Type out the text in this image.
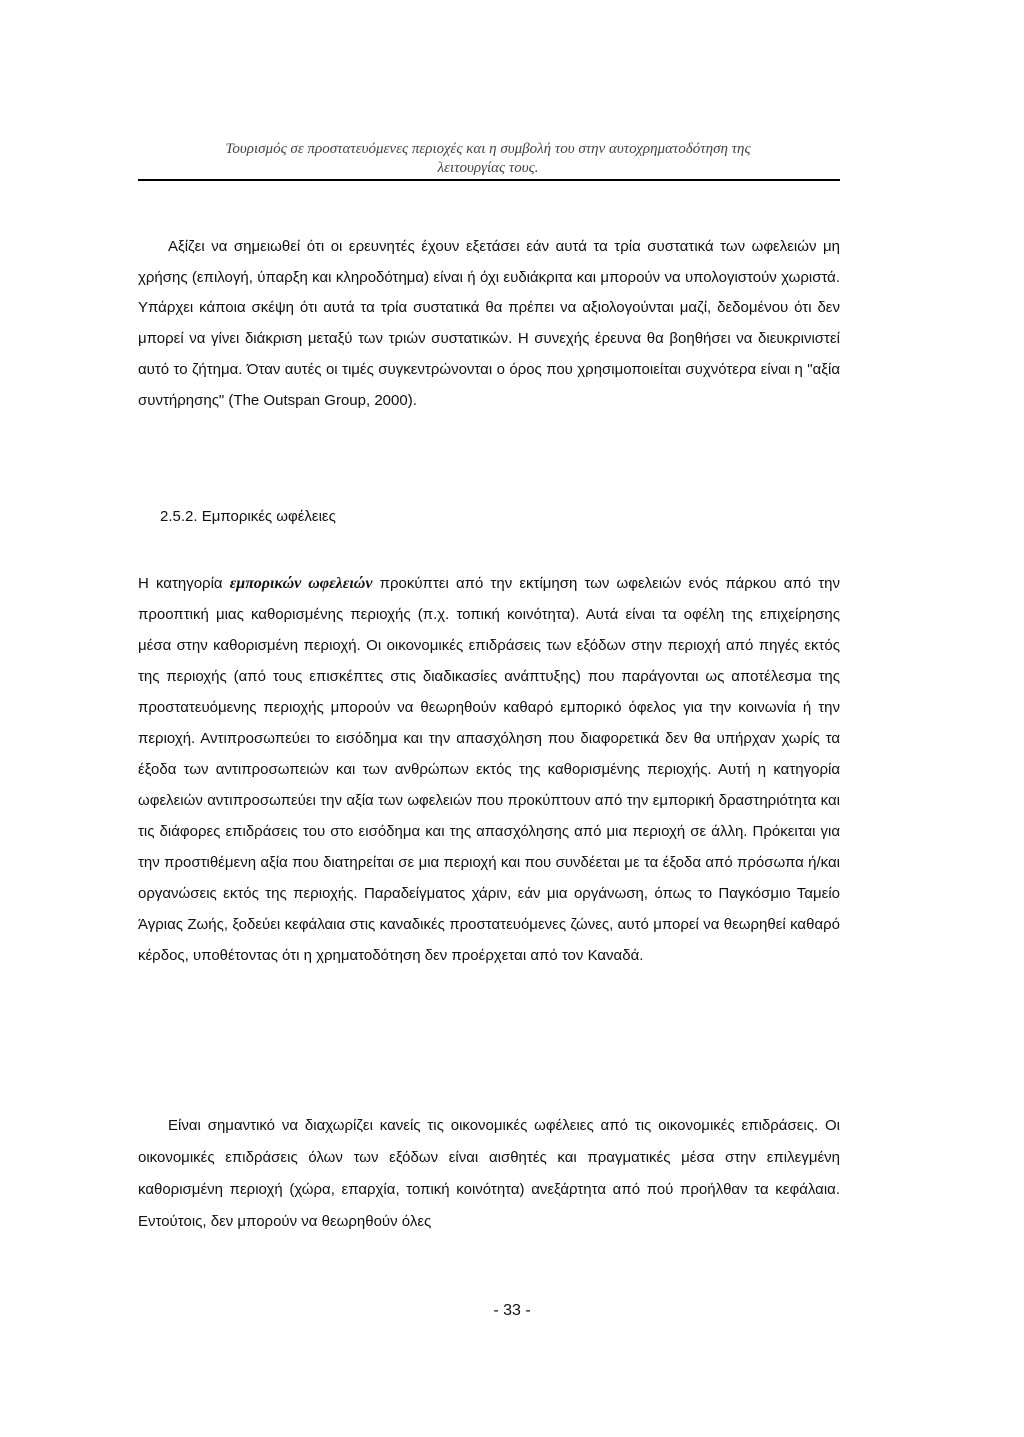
Τουρισμός σε προστατευόμενες περιοχές και η συμβολή του στην αυτοχρηματοδότηση της
λειτουργίας τους.

Αξίζει να σημειωθεί ότι οι ερευνητές έχουν εξετάσει εάν αυτά τα τρία συστατικά των ωφελειών μη χρήσης (επιλογή, ύπαρξη και κληροδότημα) είναι ή όχι ευδιάκριτα και μπορούν να υπολογιστούν χωριστά. Υπάρχει κάποια σκέψη ότι αυτά τα τρία συστατικά θα πρέπει να αξιολογούνται μαζί, δεδομένου ότι δεν μπορεί να γίνει διάκριση μεταξύ των τριών συστατικών. Η συνεχής έρευνα θα βοηθήσει να διευκρινιστεί αυτό το ζήτημα. Όταν αυτές οι τιμές συγκεντρώνονται ο όρος που χρησιμοποιείται συχνότερα είναι η "αξία συντήρησης" (The Outspan Group, 2000).

2.5.2. Εμπορικές ωφέλειες

Η κατηγορία εμπορικών ωφελειών προκύπτει από την εκτίμηση των ωφελειών ενός πάρκου από την προοπτική μιας καθορισμένης περιοχής (π.χ. τοπική κοινότητα). Αυτά είναι τα οφέλη της επιχείρησης μέσα στην καθορισμένη περιοχή. Οι οικονομικές επιδράσεις των εξόδων στην περιοχή από πηγές εκτός της περιοχής (από τους επισκέπτες στις διαδικασίες ανάπτυξης) που παράγονται ως αποτέλεσμα της προστατευόμενης περιοχής μπορούν να θεωρηθούν καθαρό εμπορικό όφελος για την κοινωνία ή την περιοχή. Αντιπροσωπεύει το εισόδημα και την απασχόληση που διαφορετικά δεν θα υπήρχαν χωρίς τα έξοδα των αντιπροσωπειών και των ανθρώπων εκτός της καθορισμένης περιοχής. Αυτή η κατηγορία ωφελειών αντιπροσωπεύει την αξία των ωφελειών που προκύπτουν από την εμπορική δραστηριότητα και τις διάφορες επιδράσεις του στο εισόδημα και της απασχόλησης από μια περιοχή σε άλλη. Πρόκειται για την προστιθέμενη αξία που διατηρείται σε μια περιοχή και που συνδέεται με τα έξοδα από πρόσωπα ή/και οργανώσεις εκτός της περιοχής. Παραδείγματος χάριν, εάν μια οργάνωση, όπως το Παγκόσμιο Ταμείο Άγριας Ζωής, ξοδεύει κεφάλαια στις καναδικές προστατευόμενες ζώνες, αυτό μπορεί να θεωρηθεί καθαρό κέρδος, υποθέτοντας ότι η χρηματοδότηση δεν προέρχεται από τον Καναδά.

Είναι σημαντικό να διαχωρίζει κανείς τις οικονομικές ωφέλειες από τις οικονομικές επιδράσεις. Οι οικονομικές επιδράσεις όλων των εξόδων είναι αισθητές και πραγματικές μέσα στην επιλεγμένη καθορισμένη περιοχή (χώρα, επαρχία, τοπική κοινότητα) ανεξάρτητα από πού προήλθαν τα κεφάλαια. Εντούτοις, δεν μπορούν να θεωρηθούν όλες

- 33 -
